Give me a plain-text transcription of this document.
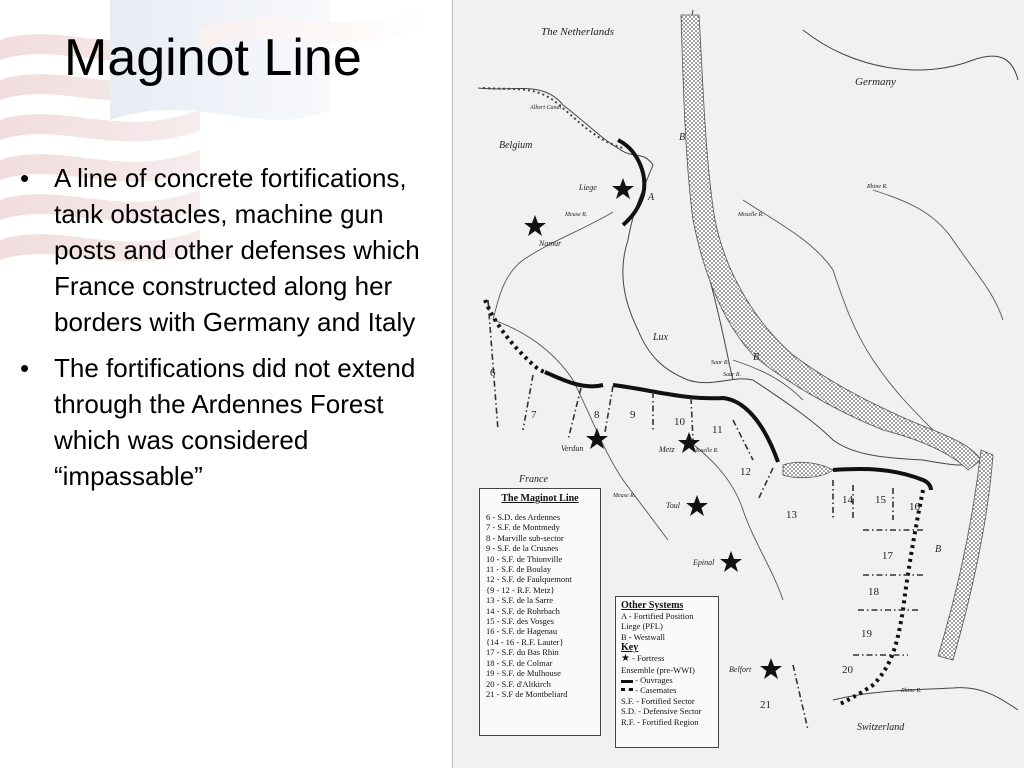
Maginot Line
• A line of concrete fortifications, tank obstacles, machine gun posts and other defenses which France constructed along her borders with Germany and Italy
• The fortifications did not extend through the Ardennes Forest which was considered “impassable”
The Netherlands
Germany
Belgium
Albert Canal
Liege
Namur
Meuse R.	Moselle R.
Rhine R.
Lux
Saar R.
Saar R.
France
Verdun	Metz	Moselle R.
Meuse R.
Toul
Epinal
Belfort
Rhine R.
Switzerland
A
B
B
B
6
7	8	9
10
11
12
13
14 15
16
17
18
19
20
21
The Maginot Line
6 - S.D. des Ardennes
7 - S.F. de Montmedy
8 - Marville sub-sector
9 - S.F. de la Crusnes
10 - S.F. de Thionville
11 - S.F. de Boulay
12 - S.F. de Faulquemont
{9 - 12 - R.F. Metz}
13 - S.F. de la Sarre
14 - S.F. de Rohrbach
15 - S.F. des Vosges
16 - S.F. de Hagenau
{14 - 16 - R.F. Lauter}
17 - S.F. du Bas Rhin
18 - S.F. de Colmar
19 - S.F. de Mulhouse
20 - S.F. d'Altkirch
21 - S.F de Montbeliard
Other Systems
A - Fortified Position
Liege (PFL)
B - Westwall
Key
★ - Fortress
Ensemble (pre-WWI)
- Ouvrages
- Casemates
S.F. - Fortified Sector
S.D. - Defensive Sector
R.F. - Fortified Region
